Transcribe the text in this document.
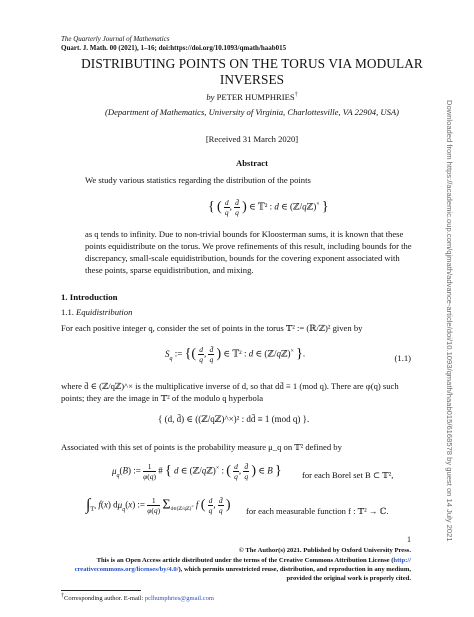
The Quarterly Journal of Mathematics
Quart. J. Math. 00 (2021), 1–16; doi:https://doi.org/10.1093/qmath/haab015
DISTRIBUTING POINTS ON THE TORUS VIA MODULAR
INVERSES
by PETER HUMPHRIES†
(Department of Mathematics, University of Virginia, Charlottesville, VA 22904, USA)
[Received 31 March 2020]
Abstract
We study various statistics regarding the distribution of the points
{ ( $\frac{d}{q}$ , $\frac{d̄}{q}$ ) ∈ 𝕋² : d ∈ (ℤ/qℤ)× }
as q tends to infinity. Due to non-trivial bounds for Kloosterman sums, it is known that these points equidistribute on the torus. We prove refinements of this result, including bounds for the discrepancy, small-scale equidistribution, bounds for the covering exponent associated with these points, sparse equidistribution, and mixing.
1. Introduction
1.1. Equidistribution
For each positive integer q, consider the set of points in the torus 𝕋² := (ℝ/ℤ)² given by
$S_q$ := {( $\frac{d}{q}$ , $\frac{d̄}{q}$ ) ∈ 𝕋² : d ∈ (ℤ/qℤ)× }.	(1.1)
where d̄ ∈ (ℤ/qℤ)^× is the multiplicative inverse of d, so that dd̄ ≡ 1 (mod q). There are φ(q) such
points; they are the image in 𝕋² of the modulo q hyperbola
{ (d, d̄) ∈ ((ℤ/qℤ)^×)² : dd̄ ≡ 1 (mod q) }.
Associated with this set of points is the probability measure μ_q on 𝕋² defined by
$\mu_q(B)$ := $\frac{1}{\varphi(q)}$ # { d ∈ (ℤ/qℤ)× : ( $\frac{d}{q}$ , $\frac{d̄}{q}$ ) ∈ B } for each Borel set B ⊂ 𝕋²,
$\int_{𝕋^2}$ f(x) $d\mu_q(x)$ := $\frac{1}{\varphi(q)} \Sigma_{d\in(ℤ/qℤ)^\times}$ f ( $\frac{d}{q}$ , $\frac{d̄}{q}$ ) for each measurable function f : 𝕋² → ℂ.
1
© The Author(s) 2021. Published by Oxford University Press.
This is an Open Access article distributed under the terms of the Creative Commons Attribution License (http://
creativecommons.org/licenses/by/4.0/), which permits unrestricted reuse, distribution, and reproduction in any medium,
provided the original work is properly cited.
†Corresponding author. E-mail: pclhumphries@gmail.com
Downloaded from https://academic.oup.com/qjmath/advance-article/doi/10.1093/qmath/haab015/6168578 by guest on 14 July 2021
